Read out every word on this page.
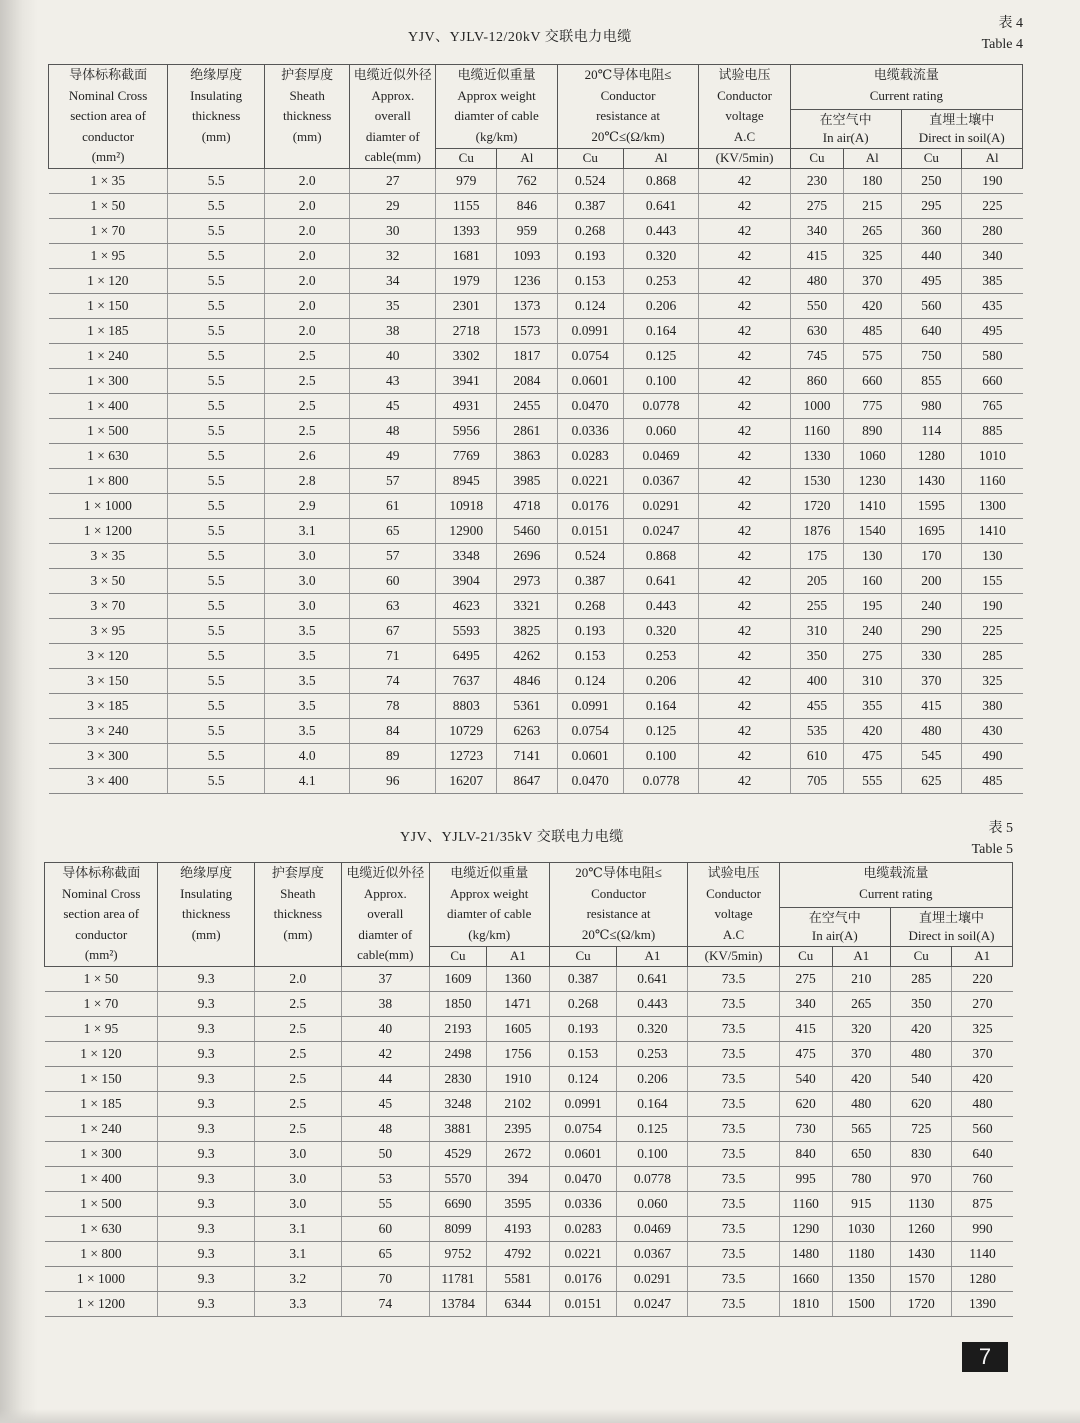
YJV、YJLV-12/20kV 交联电力电缆
表 4
Table 4
导体标称截面
Nominal Cross
section area of
conductor
(mm²)	绝缘厚度
Insulating
thickness
(mm)	护套厚度
Sheath
thickness
(mm)	电缆近似外径
Approx.
overall
diamter of
cable(mm)	电缆近似重量
Approx weight
diamter of cable
(kg/km)		20℃导体电阻≤
Conductor
resistance at
20℃≤(Ω/km)		试验电压
Conductor
voltage
A.C	电缆载流量
Current rating			

									在空气中
In air(A)		直埋土壤中
Direct in soil(A)	

				Cu	Al	Cu	Al	(KV/5min)	Cu	Al	Cu	Al
1 × 35	5.5	2.0	27	979	762	0.524	0.868	42	230	180	250	190
1 × 50	5.5	2.0	29	1155	846	0.387	0.641	42	275	215	295	225
1 × 70	5.5	2.0	30	1393	959	0.268	0.443	42	340	265	360	280
1 × 95	5.5	2.0	32	1681	1093	0.193	0.320	42	415	325	440	340
1 × 120	5.5	2.0	34	1979	1236	0.153	0.253	42	480	370	495	385
1 × 150	5.5	2.0	35	2301	1373	0.124	0.206	42	550	420	560	435
1 × 185	5.5	2.0	38	2718	1573	0.0991	0.164	42	630	485	640	495
1 × 240	5.5	2.5	40	3302	1817	0.0754	0.125	42	745	575	750	580
1 × 300	5.5	2.5	43	3941	2084	0.0601	0.100	42	860	660	855	660
1 × 400	5.5	2.5	45	4931	2455	0.0470	0.0778	42	1000	775	980	765
1 × 500	5.5	2.5	48	5956	2861	0.0336	0.060	42	1160	890	114	885
1 × 630	5.5	2.6	49	7769	3863	0.0283	0.0469	42	1330	1060	1280	1010
1 × 800	5.5	2.8	57	8945	3985	0.0221	0.0367	42	1530	1230	1430	1160
1 × 1000	5.5	2.9	61	10918	4718	0.0176	0.0291	42	1720	1410	1595	1300
1 × 1200	5.5	3.1	65	12900	5460	0.0151	0.0247	42	1876	1540	1695	1410
3 × 35	5.5	3.0	57	3348	2696	0.524	0.868	42	175	130	170	130
3 × 50	5.5	3.0	60	3904	2973	0.387	0.641	42	205	160	200	155
3 × 70	5.5	3.0	63	4623	3321	0.268	0.443	42	255	195	240	190
3 × 95	5.5	3.5	67	5593	3825	0.193	0.320	42	310	240	290	225
3 × 120	5.5	3.5	71	6495	4262	0.153	0.253	42	350	275	330	285
3 × 150	5.5	3.5	74	7637	4846	0.124	0.206	42	400	310	370	325
3 × 185	5.5	3.5	78	8803	5361	0.0991	0.164	42	455	355	415	380
3 × 240	5.5	3.5	84	10729	6263	0.0754	0.125	42	535	420	480	430
3 × 300	5.5	4.0	89	12723	7141	0.0601	0.100	42	610	475	545	490
3 × 400	5.5	4.1	96	16207	8647	0.0470	0.0778	42	705	555	625	485
YJV、YJLV-21/35kV 交联电力电缆
表 5
Table 5
导体标称截面
Nominal Cross
section area of
conductor
(mm²)	绝缘厚度
Insulating
thickness
(mm)	护套厚度
Sheath
thickness
(mm)	电缆近似外径
Approx.
overall
diamter of
cable(mm)	电缆近似重量
Approx weight
diamter of cable
(kg/km)		20℃导体电阻≤
Conductor
resistance at
20℃≤(Ω/km)		试验电压
Conductor
voltage
A.C	电缆载流量
Current rating			

									在空气中
In air(A)		直埋土壤中
Direct in soil(A)	

				Cu	A1	Cu	A1	(KV/5min)	Cu	A1	Cu	A1
1 × 50	9.3	2.0	37	1609	1360	0.387	0.641	73.5	275	210	285	220
1 × 70	9.3	2.5	38	1850	1471	0.268	0.443	73.5	340	265	350	270
1 × 95	9.3	2.5	40	2193	1605	0.193	0.320	73.5	415	320	420	325
1 × 120	9.3	2.5	42	2498	1756	0.153	0.253	73.5	475	370	480	370
1 × 150	9.3	2.5	44	2830	1910	0.124	0.206	73.5	540	420	540	420
1 × 185	9.3	2.5	45	3248	2102	0.0991	0.164	73.5	620	480	620	480
1 × 240	9.3	2.5	48	3881	2395	0.0754	0.125	73.5	730	565	725	560
1 × 300	9.3	3.0	50	4529	2672	0.0601	0.100	73.5	840	650	830	640
1 × 400	9.3	3.0	53	5570	394	0.0470	0.0778	73.5	995	780	970	760
1 × 500	9.3	3.0	55	6690	3595	0.0336	0.060	73.5	1160	915	1130	875
1 × 630	9.3	3.1	60	8099	4193	0.0283	0.0469	73.5	1290	1030	1260	990
1 × 800	9.3	3.1	65	9752	4792	0.0221	0.0367	73.5	1480	1180	1430	1140
1 × 1000	9.3	3.2	70	11781	5581	0.0176	0.0291	73.5	1660	1350	1570	1280
1 × 1200	9.3	3.3	74	13784	6344	0.0151	0.0247	73.5	1810	1500	1720	1390
7
